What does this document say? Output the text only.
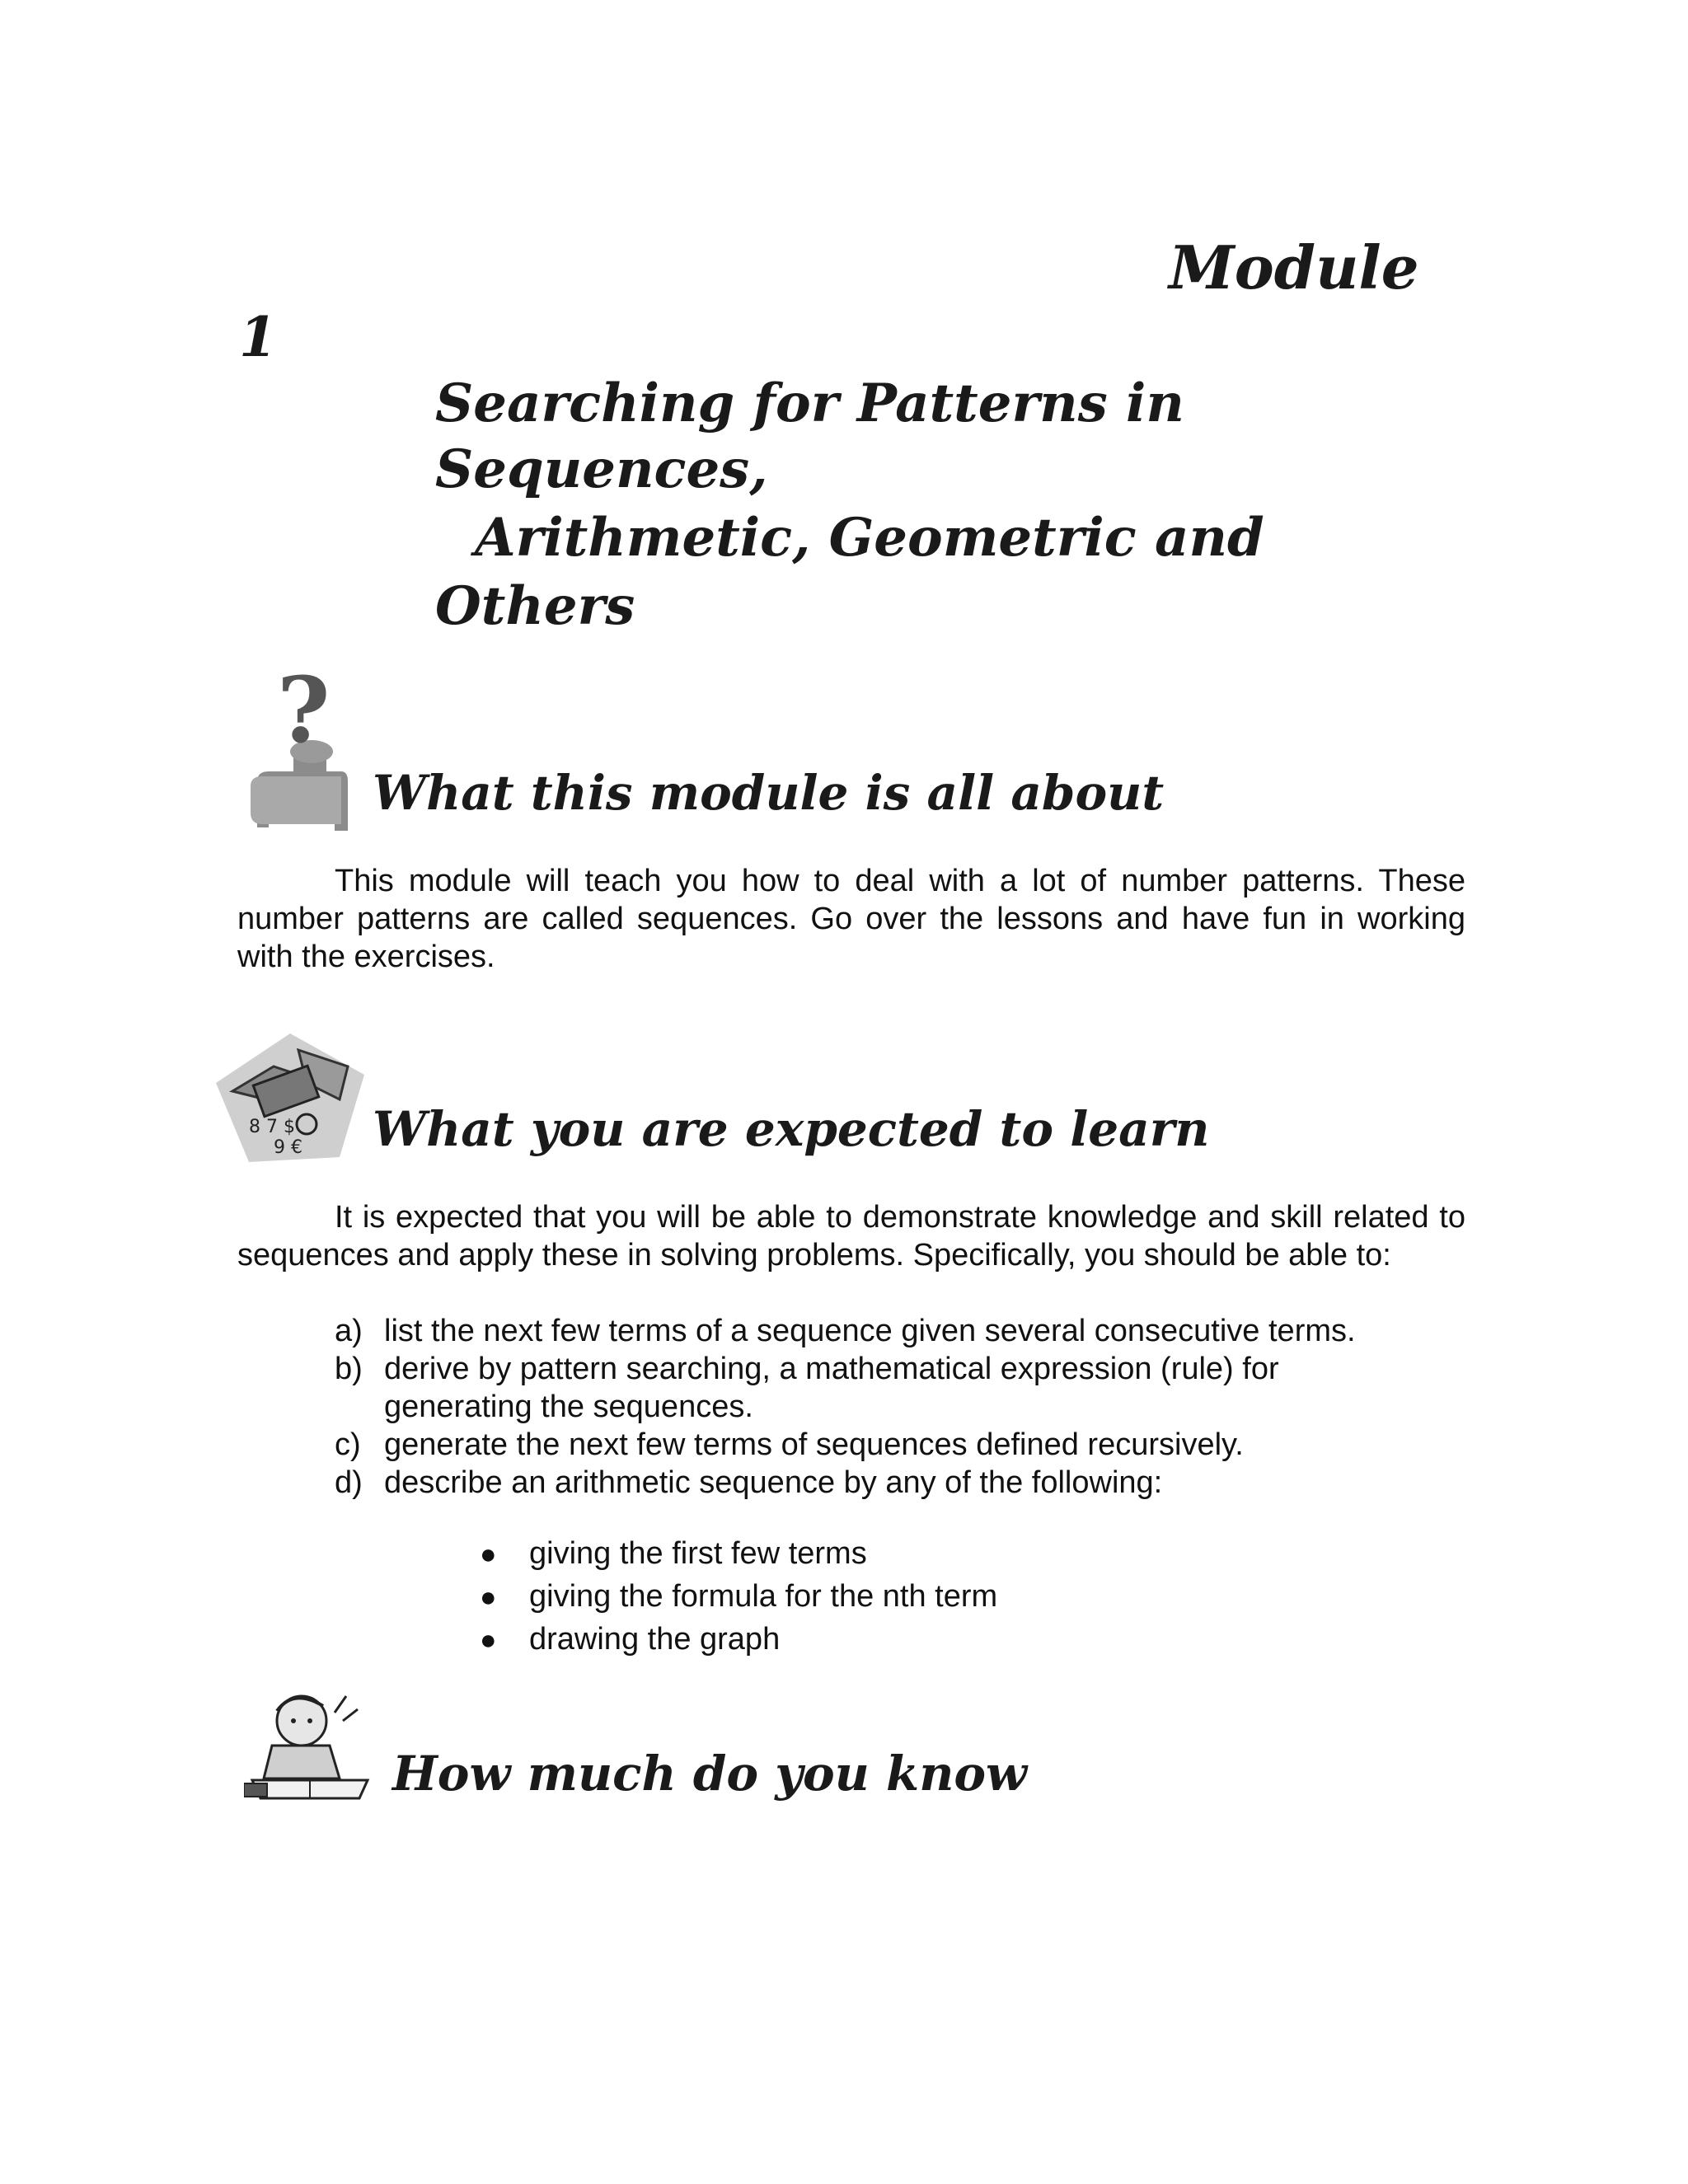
Module
1
Searching for Patterns in
Sequences,
Arithmetic, Geometric and
Others
?
What this module is all about

This module will teach you how to deal with a lot of number patterns. These number patterns are called sequences. Go over the lessons and have fun in working with the exercises.

8 7 $
9 € What you are expected to learn

It is expected that you will be able to demonstrate knowledge and skill related to sequences and apply these in solving problems. Specifically, you should be able to:

a) list the next few terms of a sequence given several consecutive terms.
b) derive by pattern searching, a mathematical expression (rule) for
generating the sequences.
c) generate the next few terms of sequences defined recursively.
d) describe an arithmetic sequence by any of the following:
● giving the first few terms
● giving the formula for the nth term
● drawing the graph
How much do you know
